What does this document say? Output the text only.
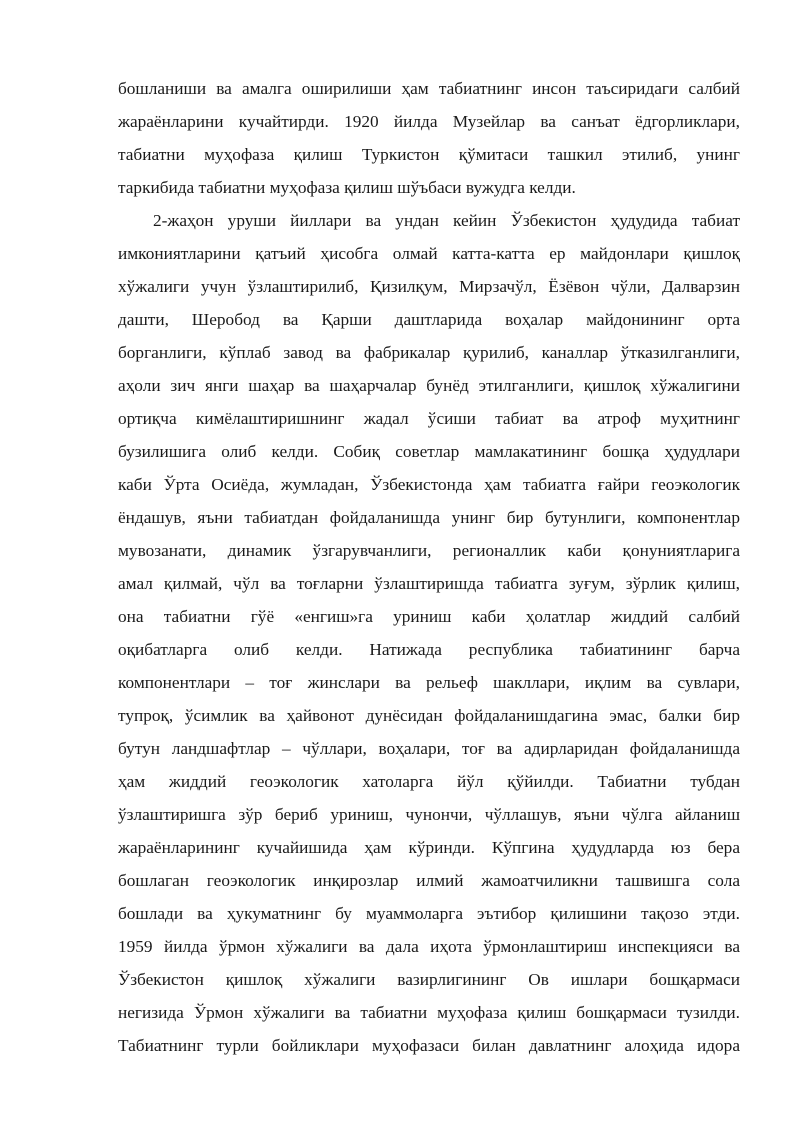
бошланиши ва амалга оширилиши ҳам табиатнинг инсон таъсиридаги салбий
жараёнларини кучайтирди. 1920 йилда Музейлар ва санъат ёдгорликлари,
табиатни муҳофаза қилиш Туркистон қўмитаси ташкил этилиб, унинг
таркибида табиатни муҳофаза қилиш шўъбаси вужудга келди.
2-жаҳон уруши йиллари ва ундан кейин Ўзбекистон ҳудудида табиат
имкониятларини қатъий ҳисобга олмай катта-катта ер майдонлари қишлоқ
хўжалиги учун ўзлаштирилиб, Қизилқум, Мирзачўл, Ёзёвон чўли, Далварзин
дашти, Шеробод ва Қарши даштларида воҳалар майдонининг орта
борганлиги, кўплаб завод ва фабрикалар қурилиб, каналлар ўтказилганлиги,
аҳоли зич янги шаҳар ва шаҳарчалар бунёд этилганлиги, қишлоқ хўжалигини
ортиқча кимёлаштиришнинг жадал ўсиши табиат ва атроф муҳитнинг
бузилишига олиб келди. Собиқ советлар мамлакатининг бошқа ҳудудлари
каби Ўрта Осиёда, жумладан, Ўзбекистонда ҳам табиатга ғайри геоэкологик
ёндашув, яъни табиатдан фойдаланишда унинг бир бутунлиги, компонентлар
мувозанати, динамик ўзгарувчанлиги, регионаллик каби қонуниятларига
амал қилмай, чўл ва тоғларни ўзлаштиришда табиатга зуғум, зўрлик қилиш,
она табиатни гўё «енгиш»га уриниш каби ҳолатлар жиддий салбий
оқибатларга олиб келди. Натижада республика табиатининг барча
компонентлари – тоғ жинслари ва рельеф шакллари, иқлим ва сувлари,
тупроқ, ўсимлик ва ҳайвонот дунёсидан фойдаланишдагина эмас, балки бир
бутун ландшафтлар – чўллари, воҳалари, тоғ ва адирларидан фойдаланишда
ҳам жиддий геоэкологик хатоларга йўл қўйилди. Табиатни тубдан
ўзлаштиришга зўр бериб уриниш, чунончи, чўллашув, яъни чўлга айланиш
жараёнларининг кучайишида ҳам кўринди. Кўпгина ҳудудларда юз бера
бошлаган геоэкологик инқирозлар илмий жамоатчиликни ташвишга сола
бошлади ва ҳукуматнинг бу муаммоларга эътибор қилишини тақозо этди.
1959 йилда ўрмон хўжалиги ва дала иҳота ўрмонлаштириш инспекцияси ва
Ўзбекистон қишлоқ хўжалиги вазирлигининг Ов ишлари бошқармаси
негизида Ўрмон хўжалиги ва табиатни муҳофаза қилиш бошқармаси тузилди.
Табиатнинг турли бойликлари муҳофазаси билан давлатнинг алоҳида идора
